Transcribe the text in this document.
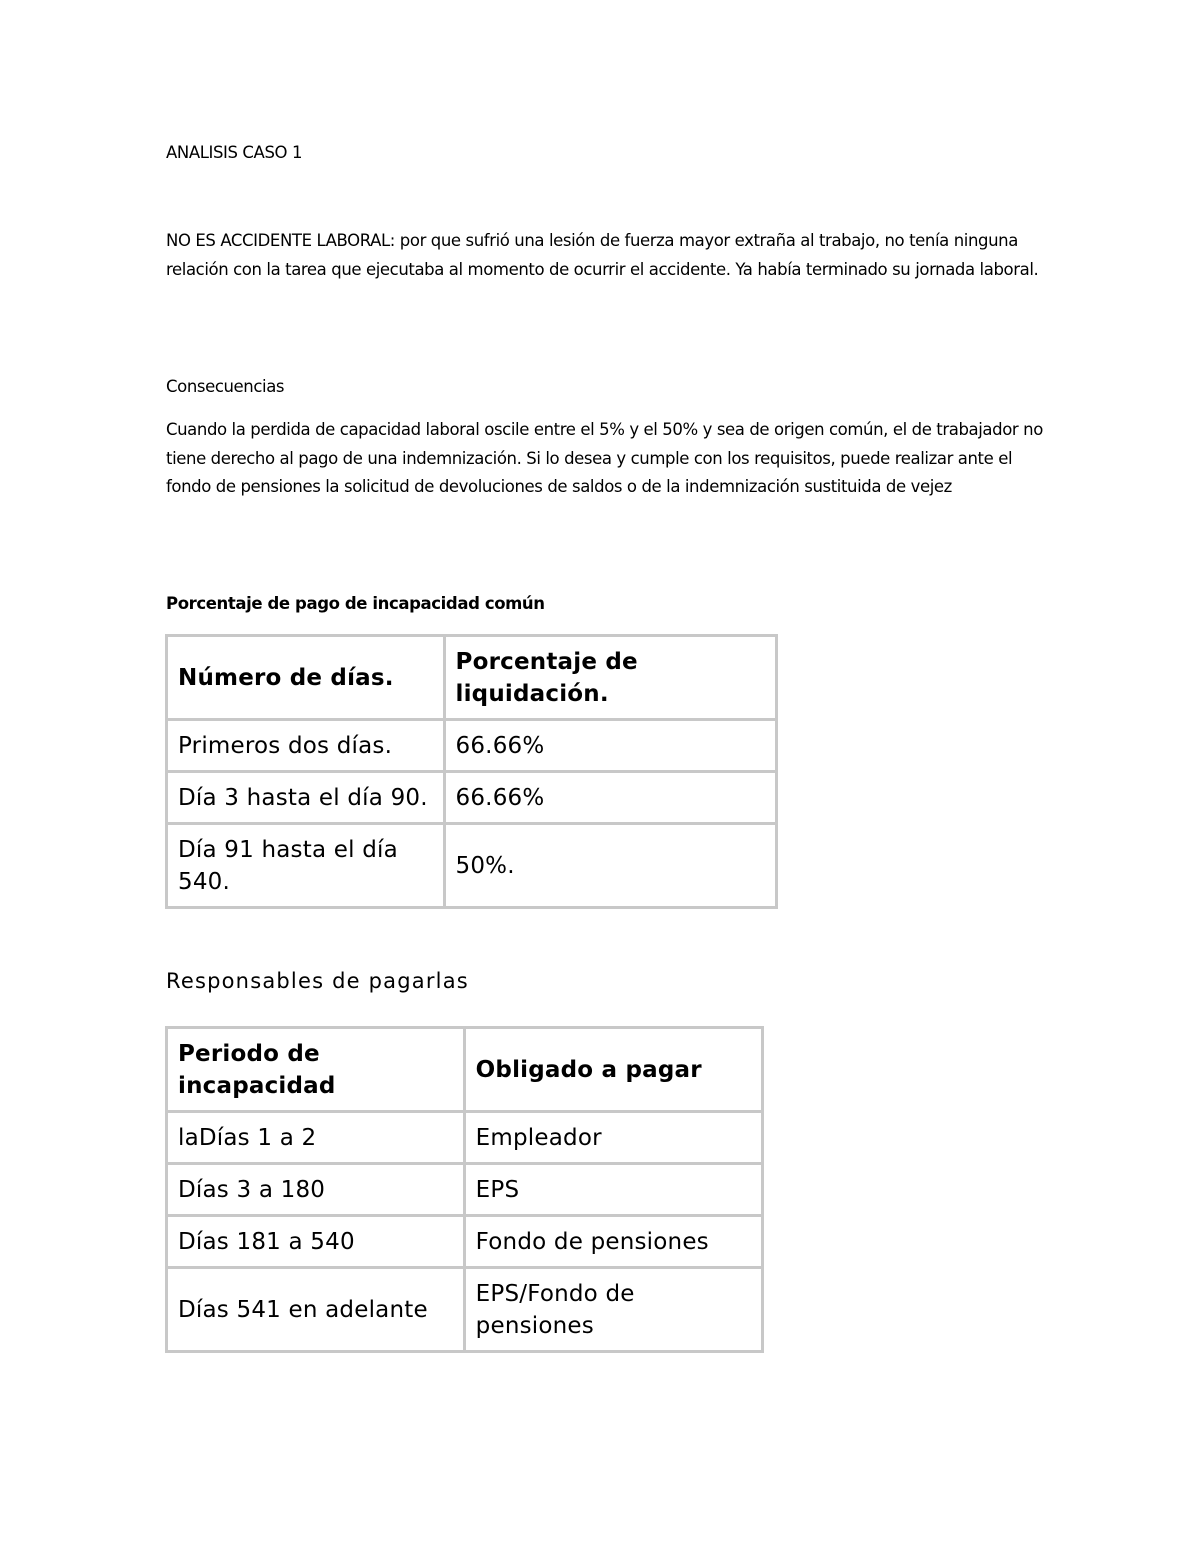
ANALISIS CASO 1

NO ES ACCIDENTE LABORAL: por que sufrió una lesión de fuerza mayor extraña al trabajo, no tenía ninguna relación con la tarea que ejecutaba al momento de ocurrir el accidente. Ya había terminado su jornada laboral.

Consecuencias

Cuando la perdida de capacidad laboral oscile entre el 5% y el 50% y sea de origen común, el de trabajador no tiene derecho al pago de una indemnización. Si lo desea y cumple con los requisitos, puede realizar ante el fondo de pensiones la solicitud de devoluciones de saldos o de la indemnización sustituida de vejez

Porcentaje de pago de incapacidad común

Número de días.	Porcentaje de liquidación.
Primeros dos días.	66.66%
Día 3 hasta el día 90.	66.66%
Día 91 hasta el día 540.	50%.
Responsables de pagarlas
Periodo de incapacidad	Obligado a pagar
laDías 1 a 2	Empleador
Días 3 a 180	EPS
Días 181 a 540	Fondo de pensiones
Días 541 en adelante	EPS/Fondo de pensiones
